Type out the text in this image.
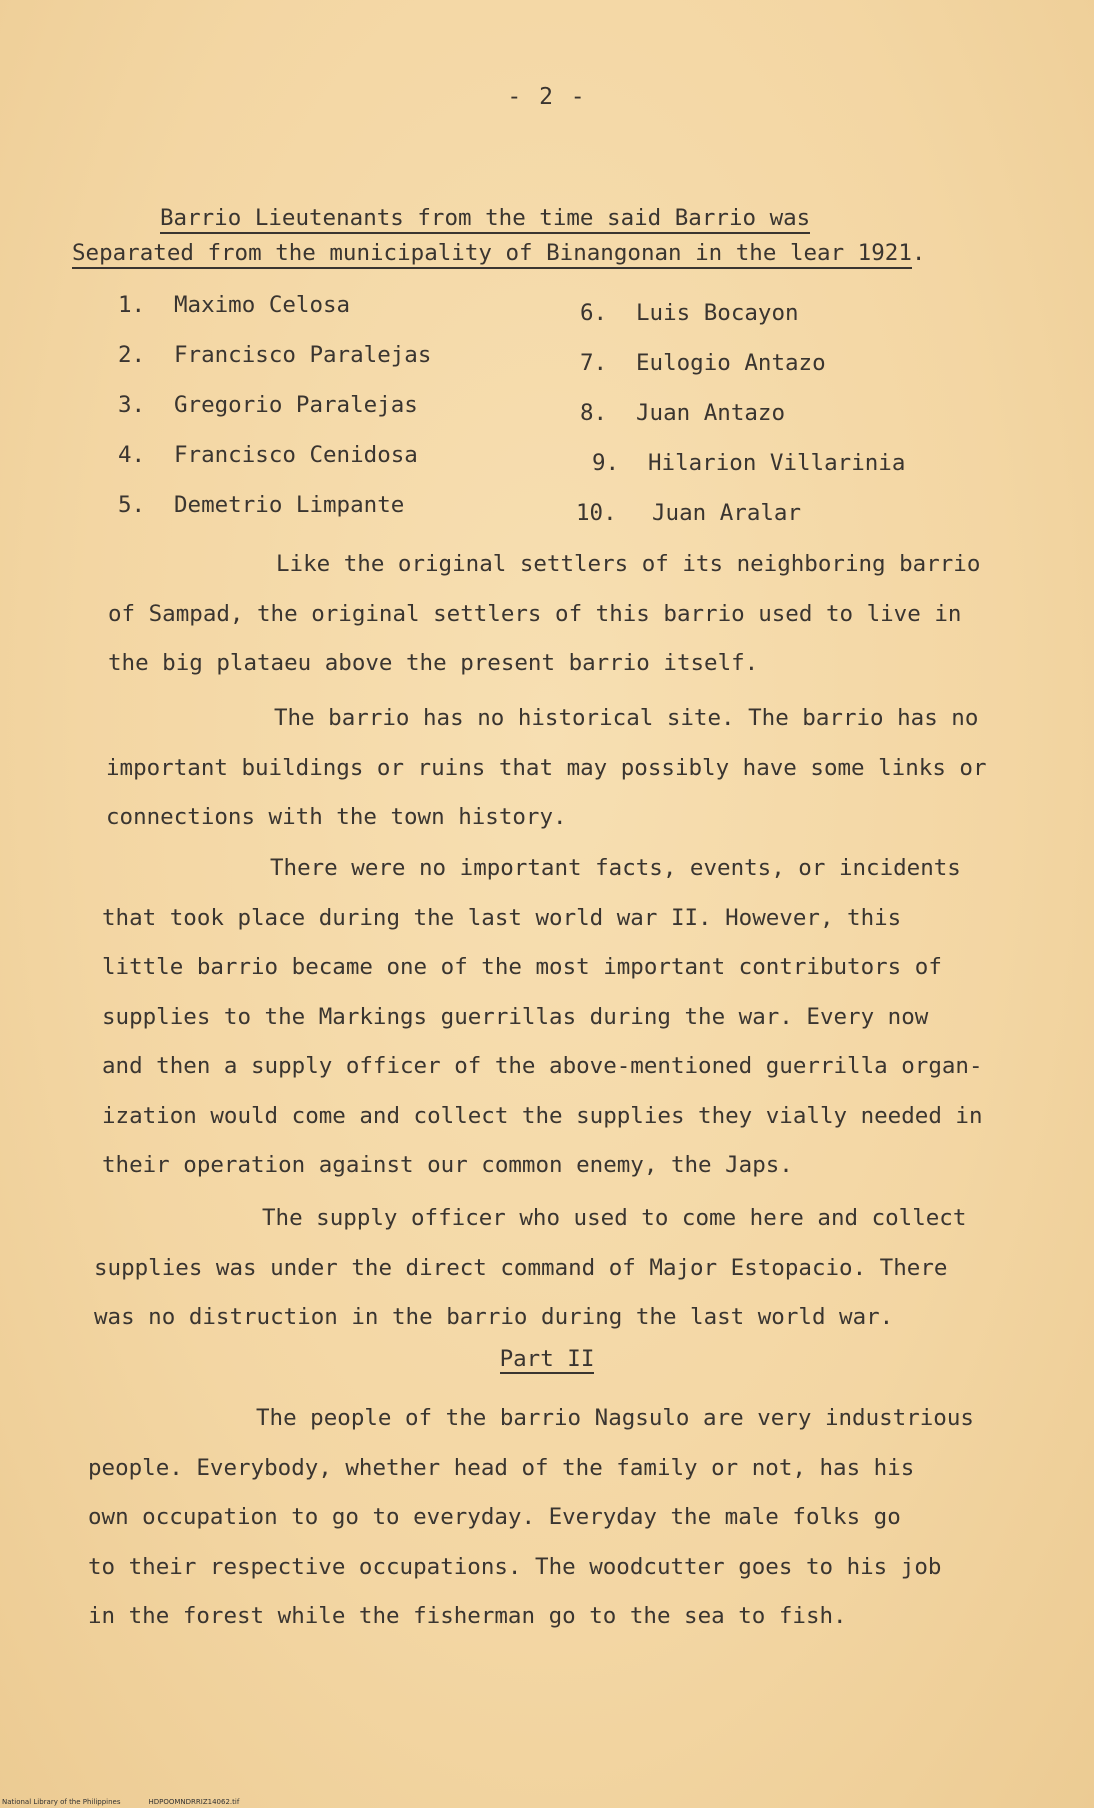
- 2 -
Barrio Lieutenants from the time said Barrio was
Separated from the municipality of Binangonan in the lear 1921.
1. Maximo Celosa
2. Francisco Paralejas
3. Gregorio Paralejas
4. Francisco Cenidosa
5. Demetrio Limpante
6. Luis Bocayon
7. Eulogio Antazo
8. Juan Antazo
9. Hilarion Villarinia
10. Juan Aralar
Like the original settlers of its neighboring barrio
of Sampad, the original settlers of this barrio used to live in
the big plataeu above the present barrio itself.
The barrio has no historical site. The barrio has no
important buildings or ruins that may possibly have some links or
connections with the town history.
There were no important facts, events, or incidents
that took place during the last world war II. However, this
little barrio became one of the most important contributors of
supplies to the Markings guerrillas during the war. Every now
and then a supply officer of the above-mentioned guerrilla organ-
ization would come and collect the supplies they vially needed in
their operation against our common enemy, the Japs.
The supply officer who used to come here and collect
supplies was under the direct command of Major Estopacio. There
was no distruction in the barrio during the last world war.
Part II
The people of the barrio Nagsulo are very industrious
people. Everybody, whether head of the family or not, has his
own occupation to go to everyday. Everyday the male folks go
to their respective occupations. The woodcutter goes to his job
in the forest while the fisherman go to the sea to fish.
National Library of the Philippines	HDPOOMNDRRIZ14062.tif
